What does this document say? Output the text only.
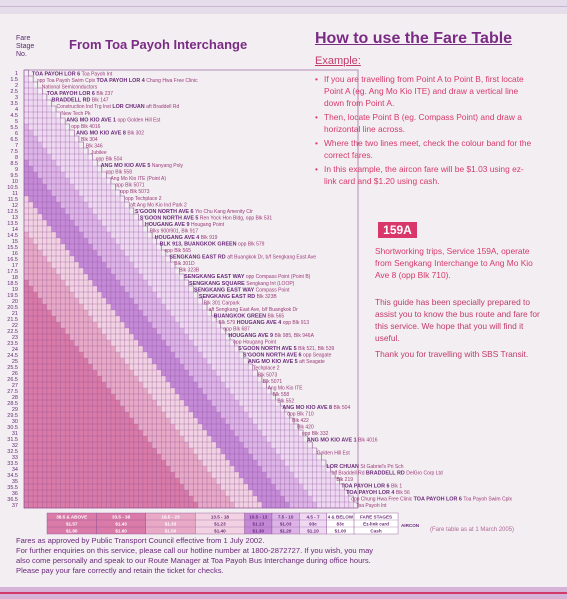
Fare Stage No.
From Toa Payoh Interchange
1
1.5
2
2.5
3
3.5
4
4.5
5
5.5
6
6.5
7
7.5
8
8.5
9
9.5
10
10.5
11
11.5
12
12.5
13
13.5
14
14.5
15
15.5
16
16.5
17
17.5
18
18.5
19
19.5
20
20.5
21
21.5
22
22.5
23
23.5
24
24.5
25
25.5
26
26.5
27
27.5
28
28.5
29
29.5
30
30.5
31
31.5
32
32.5
33
33.5
34
34.5
35
35.5
36
36.5
37
TOA PAYOH LOR 6 Toa Payoh Int
opp Toa Payoh Swim Cplx TOA PAYOH LOR 4 Chung Hwa Free Clinic
National Semiconductors
TOA PAYOH LOR 6 Blk 237
BRADDELL RD Blk 147
Construction Ind Trg Inst LOR CHUAN aft Braddell Rd
New Tech Pk
ANG MO KIO AVE 1 opp Golden Hill Est
opp Blk 4016
ANG MO KIO AVE 8 Blk 302
Blk 304
Blk 346
Jubilee
opp Blk 504
ANG MO KIO AVE 5 Nanyang Poly
opp Blk 558
Ang Mo Kio ITE (Point A)
opp Blk 5071
opp Blk 5073
opp Techplace 2
aft Ang Mo Kio Ind Park 2
S'GOON NORTH AVE 6 Yio Chu Kang Amenity Ctr
S'GOON NORTH AVE 5 Ren Yock Hon Bldg, opp Blk 531
HOUGANG AVE 9 Hougang Point
Blks 900/901, Blk 917
HOUGANG AVE 4 Blk 919
BLK 913, BUANGKOK GREEN opp Blk 579
opp Blk 565
SENGKANG EAST RD aft Buangkok Dr, b/f Sengkang East Ave
Blk 301D
Blk 323B
SENGKANG EAST WAY opp Compass Point (Point B)
SENGKANG SQUARE Sengkang Int (LOOP)
SENGKANG EAST WAY Compass Point
SENGKANG EAST RD Blk 323B
Blk 301 Carpark
aft Sengkang East Ave, b/f Buangkok Dr
BUANGKOK GREEN Blk 565
Blk 579 HOUGANG AVE 4 opp Blk 913
opp Blk 687
HOUGANG AVE 9 Blk 985, Blk 946A
opp Hougang Point
S'GOON NORTH AVE 5 Blk 521, Blk 539
S'GOON NORTH AVE 6 opp Seagate
ANG MO KIO AVE 5 aft Seagate
Techplace 2
Blk 5073
Blk 5071
Ang Mo Kio ITE
Blk 558
Blk 552
ANG MO KIO AVE 8 Blk 504
opp Blk 710
Blk 422
Blk 420
opp Blk 332
ANG MO KIO AVE 1 Blk 4016
Golden Hill Est
LOR CHUAN St Gabriel's Pri Sch
b/f Braddell Rd BRADDELL RD DelGro Corp Ltd
Blk 219
TOA PAYOH LOR 6 Blk 1
TOA PAYOH LOR 4 Blk 56
opp Chung Hwa Free Clinic TOA PAYOH LOR 6 Toa Payoh Swim Cplx
Toa Payoh Int
38.5 & ABOVE
$1.57
$1.80
33.5 - 38
$1.43
$1.60
18.5 - 23
$1.33
$1.50
13.5 - 18
$1.23
$1.40
10.5 - 13
$1.13
$1.30
7.5 - 10
$1.03
$1.20
4.5 - 7
93c
$1.10
4 & BELOW
83c
$1.00
FARE STAGES
Ez-link card
Cash
AIRCON
How to use the Fare Table
Example:
• If you are travelling from Point A to Point B, first locate Point A (eg. Ang Mo Kio ITE) and draw a vertical line down from Point A.
• Then, locate Point B (eg. Compass Point) and draw a horizontal line across.
• Where the two lines meet, check the colour band for the correct fares.
• In this example, the aircon fare will be $1.03 using ez-link card and $1.20 using cash.
159A
Shortworking trips, Service 159A, operate from Sengkang Interchange to Ang Mo Kio Ave 8 (opp Blk 710).
This guide has been specially prepared to assist you to know the bus route and fare for this service. We hope that you will find it useful.
Thank you for travelling with SBS Transit.
(Fare table as at 1 March 2005)
Fares as approved by Public Transport Council effective from 1 July 2002.
For further enquiries on this service, please call our hotline number at 1800-2872727. If you wish, you may
also come personally and speak to our Route Manager at Toa Payoh Bus Interchange during office hours.
Please pay your fare correctly and retain the ticket for checks.
